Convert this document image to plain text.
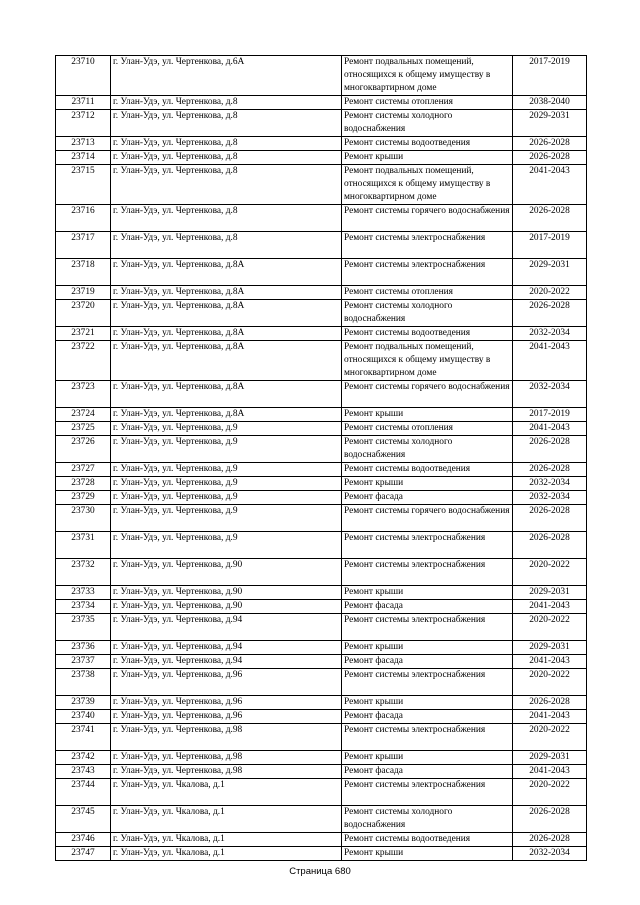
23710	г. Улан-Удэ, ул. Чертенкова, д.6А	Ремонт подвальных помещений, относящихся к общему имуществу в многоквартирном доме	2017-2019
23711	г. Улан-Удэ, ул. Чертенкова, д.8	Ремонт системы отопления	2038-2040
23712	г. Улан-Удэ, ул. Чертенкова, д.8	Ремонт системы холодного водоснабжения	2029-2031
23713	г. Улан-Удэ, ул. Чертенкова, д.8	Ремонт системы водоотведения	2026-2028
23714	г. Улан-Удэ, ул. Чертенкова, д.8	Ремонт крыши	2026-2028
23715	г. Улан-Удэ, ул. Чертенкова, д.8	Ремонт подвальных помещений, относящихся к общему имуществу в многоквартирном доме	2041-2043
23716	г. Улан-Удэ, ул. Чертенкова, д.8	Ремонт системы горячего водоснабжения	2026-2028
23717	г. Улан-Удэ, ул. Чертенкова, д.8	Ремонт системы электроснабжения	2017-2019
23718	г. Улан-Удэ, ул. Чертенкова, д.8А	Ремонт системы электроснабжения	2029-2031
23719	г. Улан-Удэ, ул. Чертенкова, д.8А	Ремонт системы отопления	2020-2022
23720	г. Улан-Удэ, ул. Чертенкова, д.8А	Ремонт системы холодного водоснабжения	2026-2028
23721	г. Улан-Удэ, ул. Чертенкова, д.8А	Ремонт системы водоотведения	2032-2034
23722	г. Улан-Удэ, ул. Чертенкова, д.8А	Ремонт подвальных помещений, относящихся к общему имуществу в многоквартирном доме	2041-2043
23723	г. Улан-Удэ, ул. Чертенкова, д.8А	Ремонт системы горячего водоснабжения	2032-2034
23724	г. Улан-Удэ, ул. Чертенкова, д.8А	Ремонт крыши	2017-2019
23725	г. Улан-Удэ, ул. Чертенкова, д.9	Ремонт системы отопления	2041-2043
23726	г. Улан-Удэ, ул. Чертенкова, д.9	Ремонт системы холодного водоснабжения	2026-2028
23727	г. Улан-Удэ, ул. Чертенкова, д.9	Ремонт системы водоотведения	2026-2028
23728	г. Улан-Удэ, ул. Чертенкова, д.9	Ремонт крыши	2032-2034
23729	г. Улан-Удэ, ул. Чертенкова, д.9	Ремонт фасада	2032-2034
23730	г. Улан-Удэ, ул. Чертенкова, д.9	Ремонт системы горячего водоснабжения	2026-2028
23731	г. Улан-Удэ, ул. Чертенкова, д.9	Ремонт системы электроснабжения	2026-2028
23732	г. Улан-Удэ, ул. Чертенкова, д.90	Ремонт системы электроснабжения	2020-2022
23733	г. Улан-Удэ, ул. Чертенкова, д.90	Ремонт крыши	2029-2031
23734	г. Улан-Удэ, ул. Чертенкова, д.90	Ремонт фасада	2041-2043
23735	г. Улан-Удэ, ул. Чертенкова, д.94	Ремонт системы электроснабжения	2020-2022
23736	г. Улан-Удэ, ул. Чертенкова, д.94	Ремонт крыши	2029-2031
23737	г. Улан-Удэ, ул. Чертенкова, д.94	Ремонт фасада	2041-2043
23738	г. Улан-Удэ, ул. Чертенкова, д.96	Ремонт системы электроснабжения	2020-2022
23739	г. Улан-Удэ, ул. Чертенкова, д.96	Ремонт крыши	2026-2028
23740	г. Улан-Удэ, ул. Чертенкова, д.96	Ремонт фасада	2041-2043
23741	г. Улан-Удэ, ул. Чертенкова, д.98	Ремонт системы электроснабжения	2020-2022
23742	г. Улан-Удэ, ул. Чертенкова, д.98	Ремонт крыши	2029-2031
23743	г. Улан-Удэ, ул. Чертенкова, д.98	Ремонт фасада	2041-2043
23744	г. Улан-Удэ, ул. Чкалова, д.1	Ремонт системы электроснабжения	2020-2022
23745	г. Улан-Удэ, ул. Чкалова, д.1	Ремонт системы холодного водоснабжения	2026-2028
23746	г. Улан-Удэ, ул. Чкалова, д.1	Ремонт системы водоотведения	2026-2028
23747	г. Улан-Удэ, ул. Чкалова, д.1	Ремонт крыши	2032-2034
Страница 680
